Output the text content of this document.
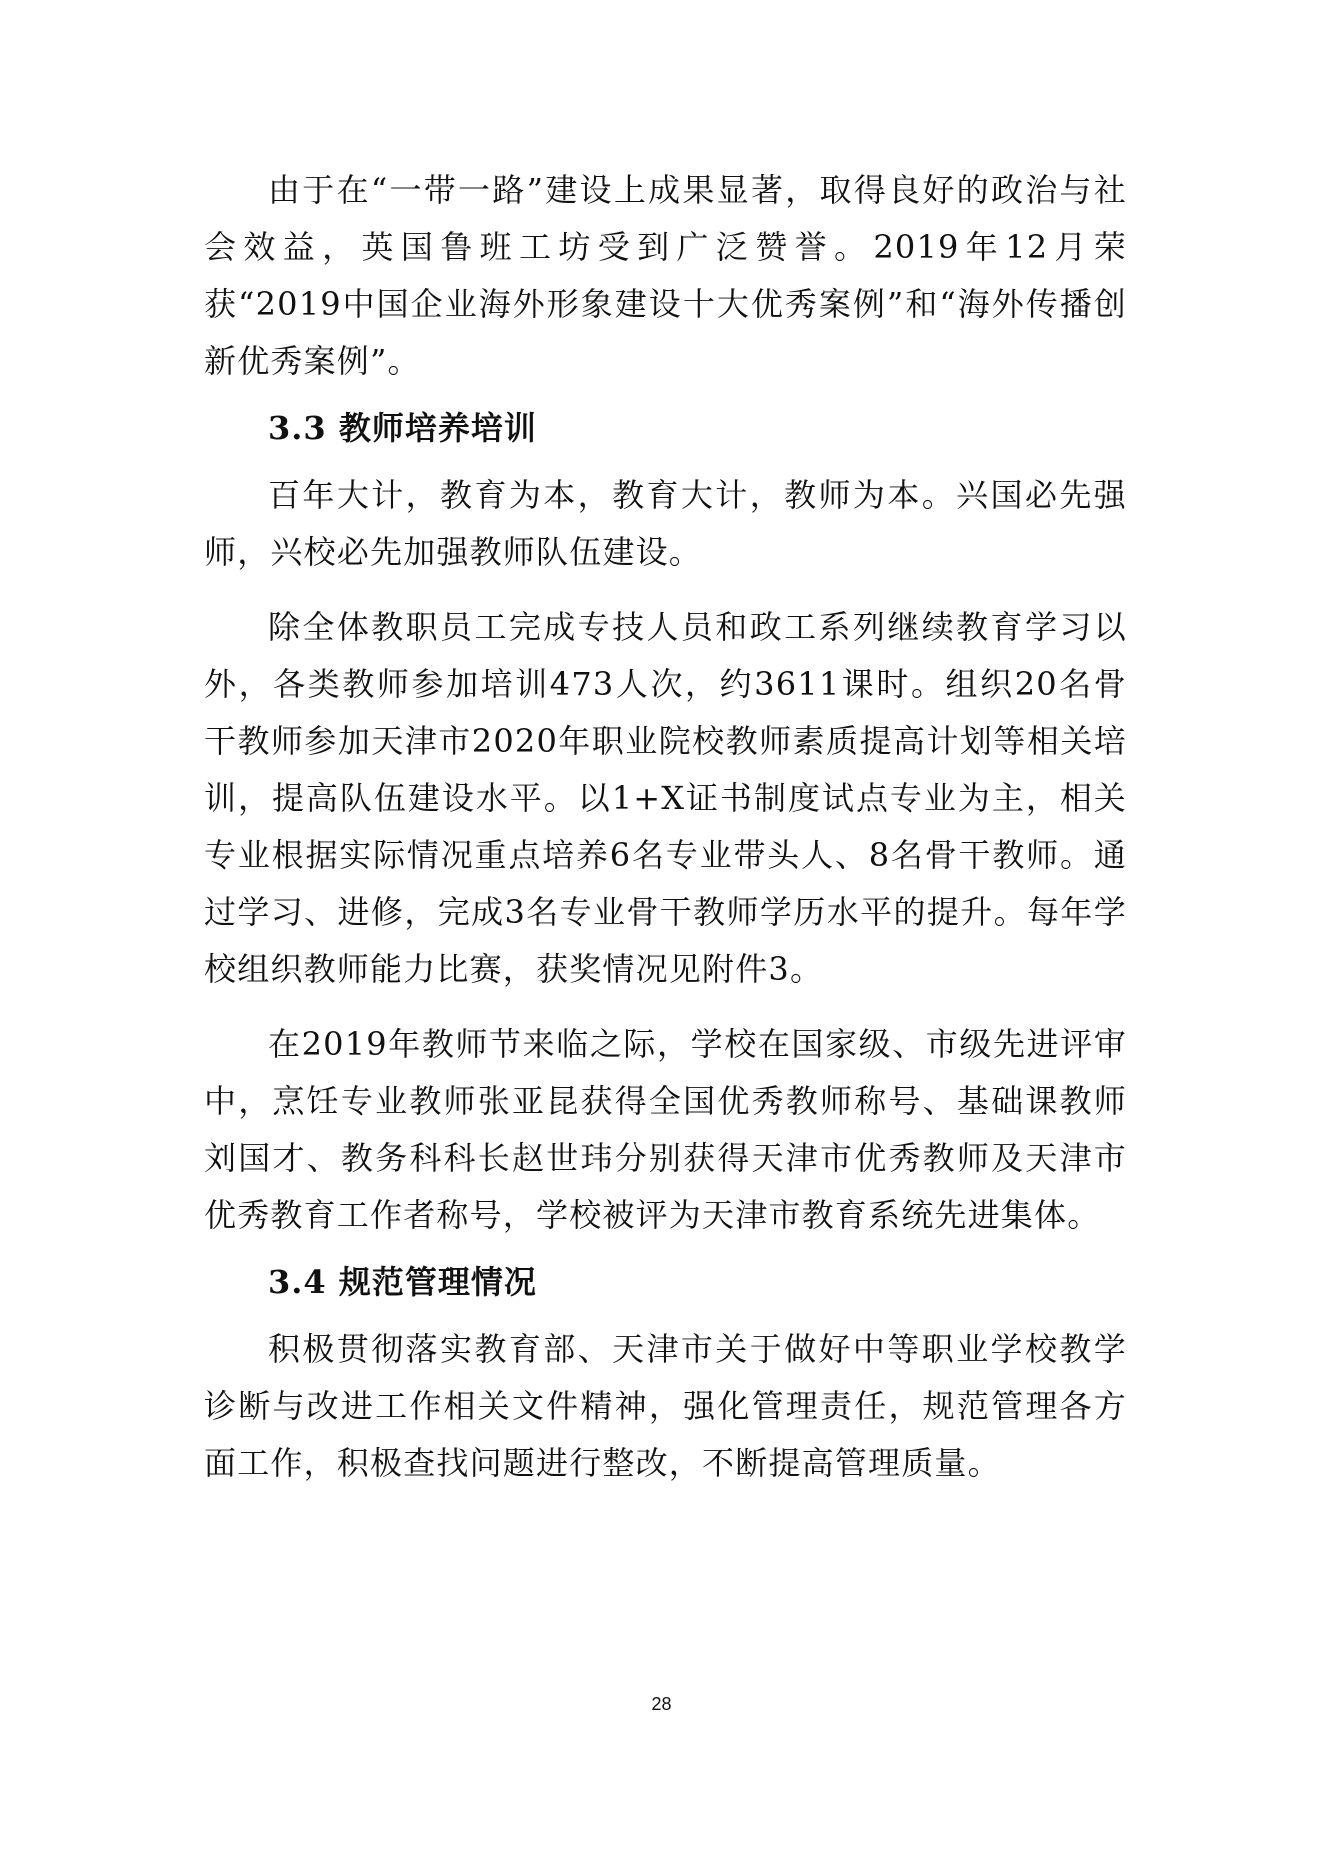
由于在“一带一路”建设上成果显著，取得良好的政治与社会效益，英国鲁班工坊受到广泛赞誉。2019年12月荣获“2019中国企业海外形象建设十大优秀案例”和“海外传播创新优秀案例”。

3.3 教师培养培训

百年大计，教育为本，教育大计，教师为本。兴国必先强师，兴校必先加强教师队伍建设。

除全体教职员工完成专技人员和政工系列继续教育学习以外，各类教师参加培训473人次，约3611课时。组织20名骨干教师参加天津市2020年职业院校教师素质提高计划等相关培训，提高队伍建设水平。以1+X证书制度试点专业为主，相关专业根据实际情况重点培养6名专业带头人、8名骨干教师。通过学习、进修，完成3名专业骨干教师学历水平的提升。每年学校组织教师能力比赛，获奖情况见附件3。

在2019年教师节来临之际，学校在国家级、市级先进评审中，烹饪专业教师张亚昆获得全国优秀教师称号、基础课教师刘国才、教务科科长赵世玮分别获得天津市优秀教师及天津市优秀教育工作者称号，学校被评为天津市教育系统先进集体。

3.4 规范管理情况

积极贯彻落实教育部、天津市关于做好中等职业学校教学诊断与改进工作相关文件精神，强化管理责任，规范管理各方面工作，积极查找问题进行整改，不断提高管理质量。

28
